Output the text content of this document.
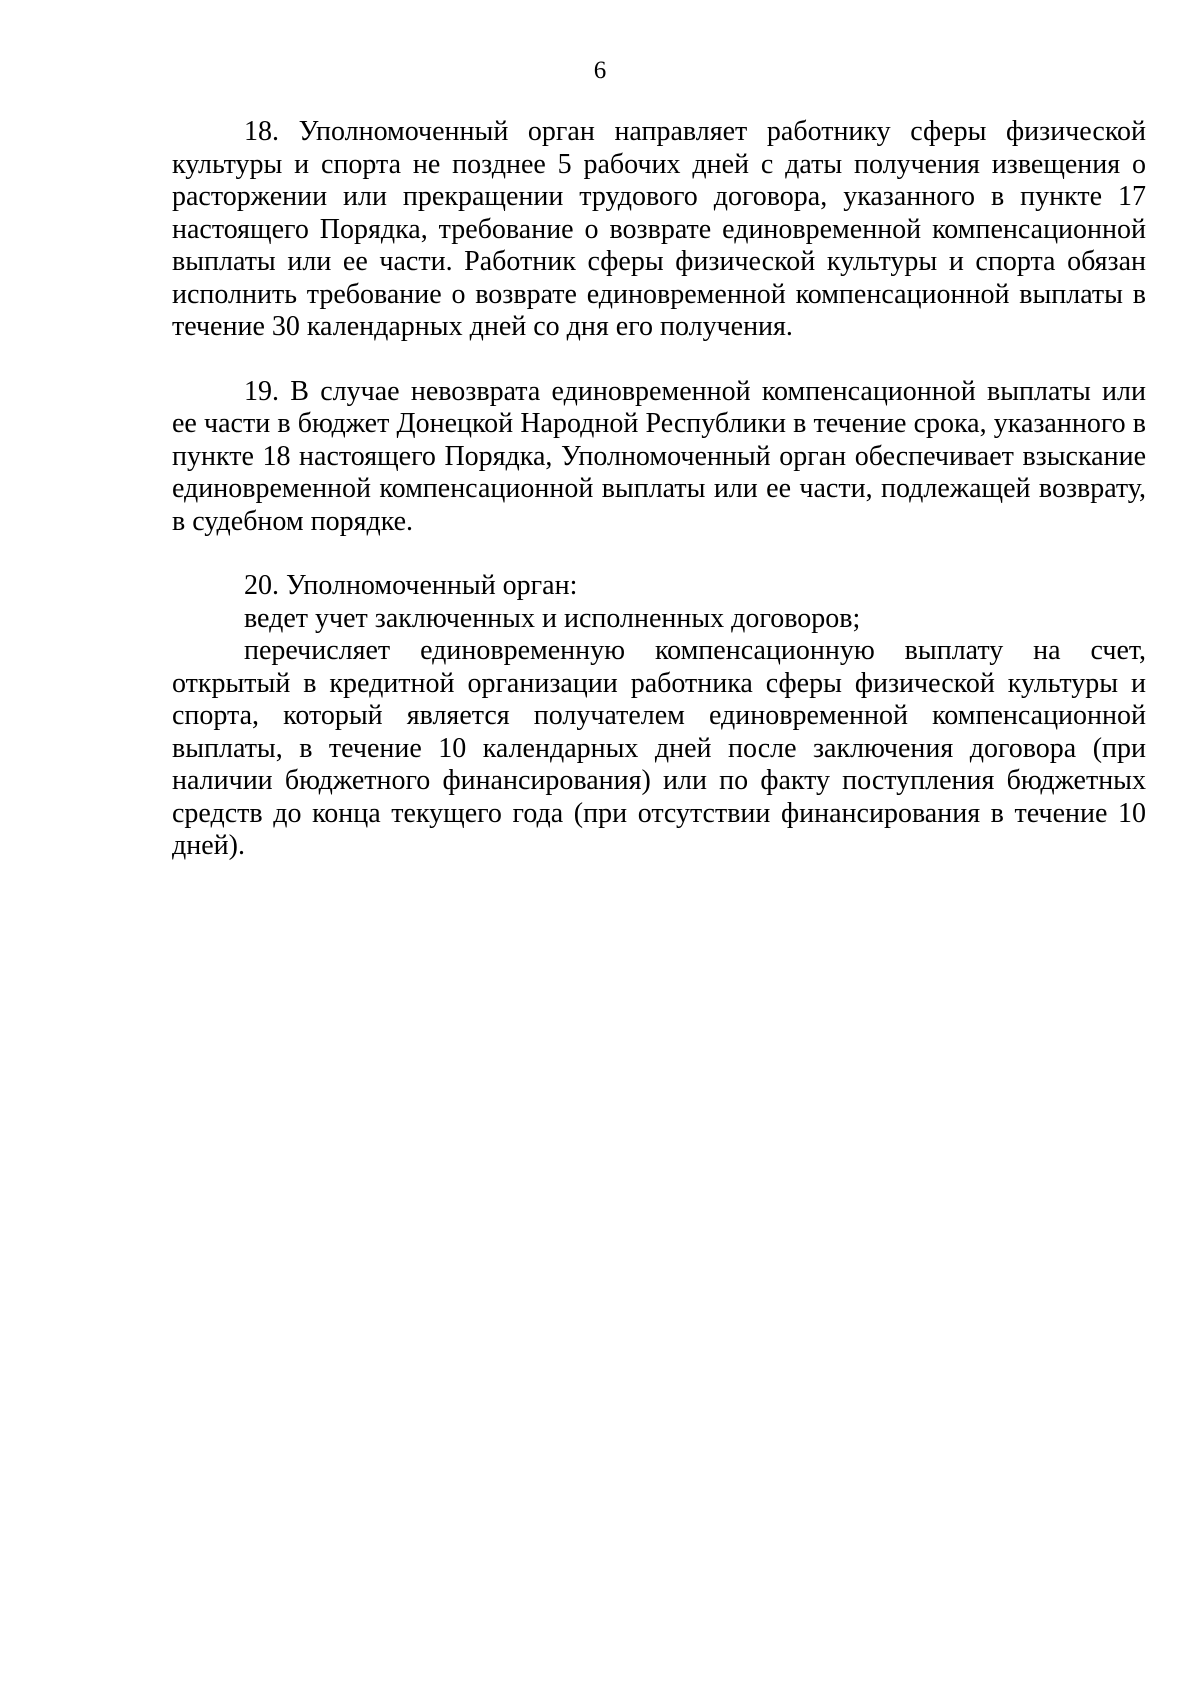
6

18. Уполномоченный орган направляет работнику сферы физической культуры и спорта не позднее 5 рабочих дней с даты получения извещения о расторжении или прекращении трудового договора, указанного в пункте 17 настоящего Порядка, требование о возврате единовременной компенсационной выплаты или ее части. Работник сферы физической культуры и спорта обязан исполнить требование о возврате единовременной компенсационной выплаты в течение 30 календарных дней со дня его получения.

19. В случае невозврата единовременной компенсационной выплаты или ее части в бюджет Донецкой Народной Республики в течение срока, указанного в пункте 18 настоящего Порядка, Уполномоченный орган обеспечивает взыскание единовременной компенсационной выплаты или ее части, подлежащей возврату, в судебном порядке.

20. Уполномоченный орган:

ведет учет заключенных и исполненных договоров;

перечисляет единовременную компенсационную выплату на счет, открытый в кредитной организации работника сферы физической культуры и спорта, который является получателем единовременной компенсационной выплаты, в течение 10 календарных дней после заключения договора (при наличии бюджетного финансирования) или по факту поступления бюджетных средств до конца текущего года (при отсутствии финансирования в течение 10 дней).
